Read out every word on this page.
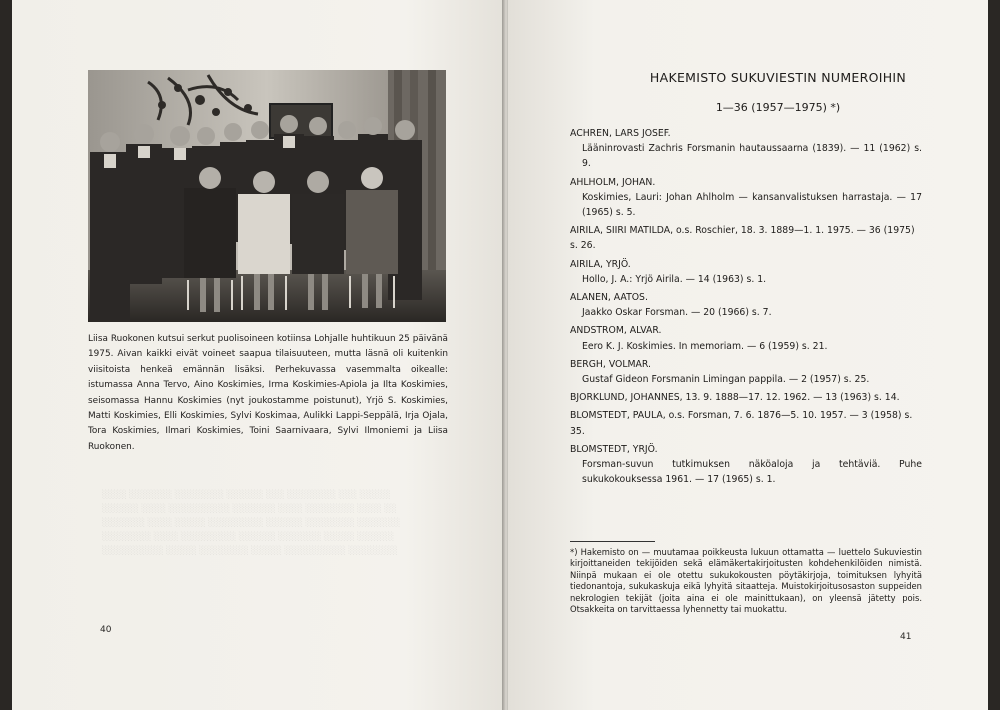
░░░░ ░░░░░░░ ░░░░░░░░ ░░░░░░ ░░░ ░░░░░░░░ ░░░ ░░░░░
░░░░░░ ░░░░ ░░░░░░░░░░ ░░░░░░░ ░░░░ ░░░░░░░░ ░░░░ ░░
░░░░░░░ ░░░░ ░░░░░ ░░░░░░░░░ ░░░░░░ ░░░░░░░░ ░░░░░░░
░░░░░░░░ ░░░░ ░░░░░░░░░ ░░░░░░ ░░░░░░░ ░░░░░ ░░░░░░
░░░░░░░░░░ ░░░░░ ░░░░░░░░ ░░░░░ ░░░░░░░░░░ ░░░░░░░░
HAKEMISTO SUKUVIESTIN NUMEROIHIN

1—36 (1957—1975) *)

ACHREN, LARS JOSEF.
Lääninrovasti Zachris Forsmanin hautaussaarna (1839). — 11 (1962) s. 9.
AHLHOLM, JOHAN.
Koskimies, Lauri: Johan Ahlholm — kansanvalistuksen harrastaja. — 17 (1965) s. 5.
AIRILA, SIIRI MATILDA, o.s. Roschier, 18. 3. 1889—1. 1. 1975. — 36 (1975) s. 26.
AIRILA, YRJÖ.
Hollo, J. A.: Yrjö Airila. — 14 (1963) s. 1.
ALANEN, AATOS.
Jaakko Oskar Forsman. — 20 (1966) s. 7.
ANDSTROM, ALVAR.
Eero K. J. Koskimies. In memoriam. — 6 (1959) s. 21.
BERGH, VOLMAR.
Gustaf Gideon Forsmanin Limingan pappila. — 2 (1957) s. 25.
BJORKLUND, JOHANNES, 13. 9. 1888—17. 12. 1962. — 13 (1963) s. 14.
BLOMSTEDT, PAULA, o.s. Forsman, 7. 6. 1876—5. 10. 1957. — 3 (1958) s. 35.
BLOMSTEDT, YRJÖ.
Forsman-suvun tutkimuksen näköaloja ja tehtäviä. Puhe sukukokouksessa 1961. — 17 (1965) s. 1.

*) Hakemisto on — muutamaa poikkeusta lukuun ottamatta — luettelo Sukuviestin kirjoittaneiden tekijöiden sekä elämäkertakirjoitusten kohdehenkilöiden nimistä. Niinpä mukaan ei ole otettu sukukokousten pöytäkirjoja, toimituksen lyhyitä tiedonantoja, sukukaskuja eikä lyhyitä sitaatteja. Muistokirjoitusosaston suppeiden nekrologien tekijät (joita aina ei ole mainittukaan), on yleensä jätetty pois. Otsakkeita on tarvittaessa lyhennetty tai muokattu.

Liisa Ruokonen kutsui serkut puolisoineen kotiinsa Lohjalle huhtikuun 25 päivänä 1975. Aivan kaikki eivät voineet saapua tilaisuuteen, mutta läsnä oli kuitenkin viisitoista henkeä emännän lisäksi. Perhekuvassa vasemmalta oikealle: istumassa Anna Tervo, Aino Koskimies, Irma Koskimies-Apiola ja Ilta Koskimies, seisomassa Hannu Koskimies (nyt joukostamme poistunut), Yrjö S. Koskimies, Matti Koskimies, Elli Koskimies, Sylvi Koskimaa, Aulikki Lappi-Seppälä, Irja Ojala, Tora Koskimies, Ilmari Koskimies, Toini Saarnivaara, Sylvi Ilmoniemi ja Liisa Ruokonen.

40
41
